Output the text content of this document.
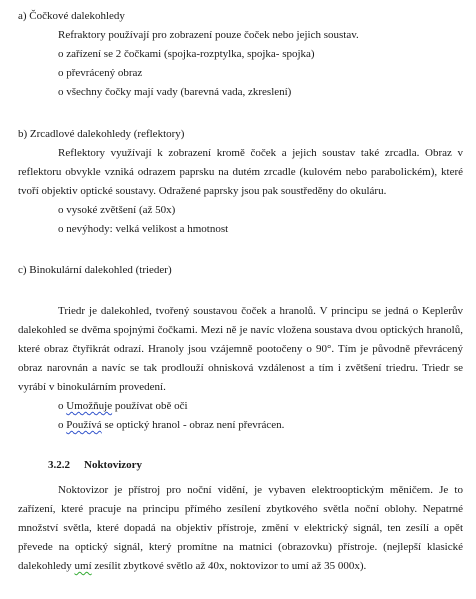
a) Čočkové dalekohledy

Refraktory používají pro zobrazení pouze čoček nebo jejich soustav.

o zařízení se 2 čočkami (spojka-rozptylka, spojka- spojka)

o převrácený obraz

o všechny čočky mají vady (barevná vada, zkreslení)

b) Zrcadlové dalekohledy (reflektory)

Reflektory využívají k zobrazení kromě čoček a jejich soustav také zrcadla. Obraz v reflektoru obvykle vzniká odrazem paprsku na dutém zrcadle (kulovém nebo parabolickém), které tvoří objektiv optické soustavy. Odražené paprsky jsou pak soustředěny do okuláru.

o vysoké zvětšení (až 50x)

o nevýhody: velká velikost a hmotnost

c) Binokulární dalekohled (trieder)

Triedr je dalekohled, tvořený soustavou čoček a hranolů. V principu se jedná o Keplerův dalekohled se dvěma spojnými čočkami. Mezi ně je navíc vložena soustava dvou optických hranolů, které obraz čtyřikrát odrazí. Hranoly jsou vzájemně pootočeny o 90°. Tím je původně převrácený obraz narovnán a navíc se tak prodlouží ohnisková vzdálenost a tím i zvětšení triedru. Triedr se vyrábí v binokulárním provedení.

o Umožňuje používat obě oči

o Používá se optický hranol - obraz není převrácen.

3.2.2 Noktovizory

Noktovizor je přístroj pro noční vidění, je vybaven elektrooptickým měničem. Je to zařízení, které pracuje na principu přímého zesílení zbytkového světla noční oblohy. Nepatrné množství světla, které dopadá na objektiv přístroje, změní v elektrický signál, ten zesílí a opět převede na optický signál, který promítne na matnici (obrazovku) přístroje. (nejlepší klasické dalekohledy umí zesílit zbytkové světlo až 40x, noktovizor to umí až 35 000x).
